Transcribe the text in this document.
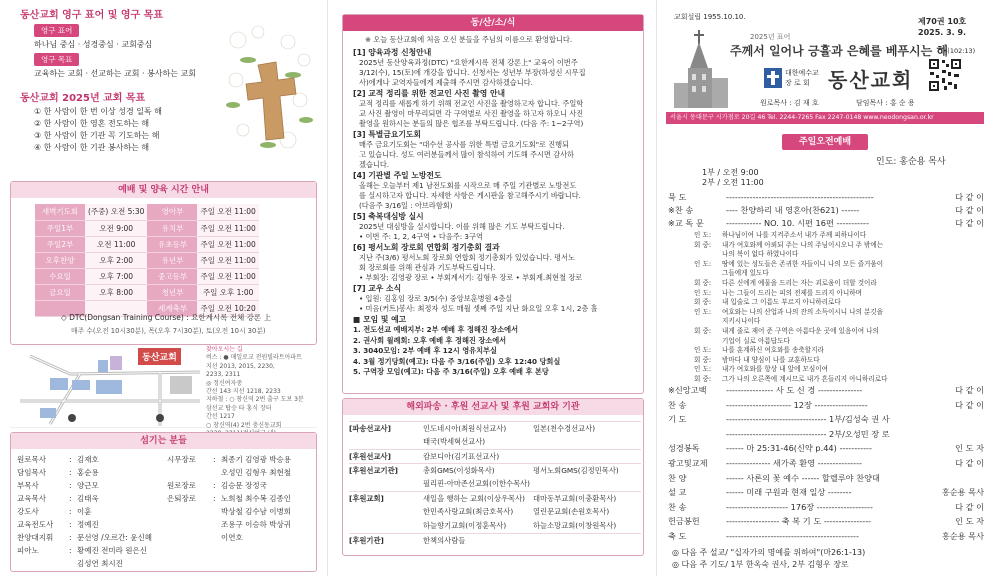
동산교회 영구 표어 및 영구 목표
영구 표어
하나님 중심 · 성경중심 · 교회중심
영구 목표
교육하는 교회 · 선교하는 교회 · 봉사하는 교회
동산교회 2025년 교회 목표
① 한 사람이 한 번 이상 성경 일독 해
② 한 사람이 한 영혼 전도하는 해
③ 한 사람이 한 기관 꼭 기도하는 해
④ 한 사람이 한 기관 봉사하는 해
예배 및 양육 시간 안내
새벽기도회	(주중) 오전 5:30	영아부	주일 오전 11:00
주일1부	오전 9:00	유치부	주일 오전 11:00
주일2부	오전 11:00	유초등부	주일 오전 11:00
오후찬양	오후 2:00	유년부	주일 오전 11:00
수요일	오후 7:00	중고등부	주일 오전 11:00
금요일	오후 8:00	청년부	주일 오후 1:00
		세계축부	주일 오전 10:20
◇ DTC(Dongsan Training Course) : 요한계시록 전체 강론 上
매주 수(오전 10시30분), 목(오후 7시30분), 토(오전 10시 30분)
동산교회
찾아오시는 길
버스 : ● 매일로교 전원빌라트아파트
지선 2013, 2015, 2230,
2233, 2311
◎ 정신여자중
간선 143 지선 1218, 2233
지하철 : ○ 창신역 2번 출구 도보 3분
삼선교 탑승 타 홍식 장터
간선 1217
○ 창신역(4) 2번 충신동교회
섬기는 분들
원로목사	: 김재호
담임목사	: 홍순용
부목사	: 양근모
교육목사	: 김태욱
강도사	: 이훈
교육전도사 : 정예진
찬양대지휘 : 문선영 /오르간: 윤신혜
피아노	: 황예진 전미라 원은신
김성연 최시진
시무장로 : 최종기 김영광 박승용
오성민 김형우 최현철
원로장로 : 김승문 장정국
은퇴장로 : 노희철 최수복 김종인
박상철 김수남 이병희
조용구 이승하 박상귀
이연호
동/산/소/식
※ 오늘 동산교회에 처음 오신 분들을 주님의 이름으로 환영합니다.
[1] 양육과정 신청안내
2025년 동산양육과정(DTC) "요한계시록 전체 강론上" 교육이 이번주
3/12(수), 15(토)에 개강을 합니다. 신청서는 성년부 부장(하성신 시무집
사)에게나 교역자들에게 제출해 주시면 감사하겠습니다.
[2] 교적 정리를 위한 전교인 사진 촬영 안내
교적 정리를 새롭게 하기 위해 전교인 사진을 촬영하고자 합니다. 주일학
교 사진 촬영이 마무리되면 각 구역별로 사진 촬영을 하고자 하오니 사진
촬영을 원하시는 분들의 많은 협조를 부탁드립니다. (다음 주: 1~2구역)
[3] 특별금요기도회
매주 금요기도회는 "대수선 공사를 위한 특별 금요기도회"로 진행되
고 있습니다. 성도 여러분들께서 많이 참석하여 기도해 주시면 감사하
겠습니다.
[4] 기관별 주일 노방전도
올해는 오늘부터 제1 남전도회를 시작으로 매 주일 기관별로 노방전도
를 실시하고자 합니다. 자세한 사항은 게시판을 참고해주시기 바랍니다.
(다음주 3/16일 : 아브라함회)
[5] 축복대심방 실시
2025년 대심방을 실시합니다. 이를 위해 많은 기도 부탁드립니다.
• 이번 주: 1, 2, 4구역 • 다음주: 3구역
[6] 평서노회 장로회 연합회 정기총회 결과
지난 주(3/6) 평서노회 장로회 연합회 정기총회가 있었습니다. 평서노
회 장로회를 위해 관심과 기도부탁드립니다.
• 부회장: 김영광 장로 • 부회계서기: 김형우 장로 • 부회계.최현철 장로
[7] 교우 소식
• 입원: 김홍임 장로 3/5(수) 중앙보훈병원 4층실
• 미음(커트)봉사: 최정자 성도 매월 셋째 주일 지난 화요일 오후 1시, 2층 홀
■ 모임 및 예고
1. 전도선교 예배지부: 2부 예배 후 정해진 장소에서
2. 권사회 월례회: 오후 예배 후 정해진 장소에서
3. 3040모임: 2부 예배 후 12시 영유치부실
4. 3월 정기당회(예고): 다음 주 3/16(주일) 오후 12:40 당회실
5. 구역장 모임(예고): 다음 주 3/16(주일) 오후 예배 후 본당
해외파송 · 후원 선교사 및 후원 교회와 기관
[파송선교사]	인도네시아(최원식선교사)	일본(천수경선교사)
태국(박세혁선교사)
[후원선교사]	캄보디아(김기표선교사)
[후원선교기관]	총회GMS(이성화목사)	평서노회GMS(김정민목사)
필리핀-아마존선교회(이한수목사)
[후원교회]	새일을 행하는 교회(이상우목사) 대마동부교회(이충환목사)
한민족사랑교회(최금호목사)	열린문교회(손원호목사)
하늘향기교회(이정훈목사)	하늘소망교회(이창원목사)
[후원기관]	한책의사람들
교회설립 1955.10.10.	제70권 10호
2025. 3. 9.
2025년 표어
주께서 일어나 긍휼과 은혜를 베푸시는 해
(시102:13)
대한예수교
장 로 회 동산교회
원로목사 : 김 재 호	담임목사 : 홍 순 용
서울시 동대문구 시가점로 20길 46 Tel. 2244-7265 Fax 2247-0148 www.neodongsan.or.kr
주일오전예배
인도: 홍순용 목사
1부 / 오전 9:00
2부 / 오전 11:00
묵 도	--------------------------------------------------	다 같 이
※찬 송	---- 찬양하리 내 영혼아(찬621) ------	다 같 이
※교 독 문	------------ NO. 10. 시편 16편 -----------	다 같 이
인 도: 하나님이여 나를 지켜주소서 내가 주께 피하나이다
회 중: 내가 여호와께 아뢰되 주는 나의 주님이시오니 주 밖에는
나의 복이 없다 하였나이다
인 도: 땅에 있는 성도들은 존귀한 자들이니 나의 모든 즐거움이
그들에게 있도다
회 중: 다른 신에게 예물을 드리는 자는 괴로움이 더할 것이라
인 도: 나는 그들이 드리는 피의 전제를 드리지 아니하며
회 중: 내 입술로 그 이름도 부르지 아니하리로다
인 도: 여호와는 나의 산업과 나의 잔의 소득이시니 나의 분깃을
지키시나이다
회 중: 내게 줄로 재어 준 구역은 아름다운 곳에 있음이여 나의
기업이 실로 아름답도다
인 도: 나를 훈계하신 여호와를 송축할지라
회 중: 밤마다 내 양심이 나를 교훈하도다
인 도: 내가 여호와를 항상 내 앞에 모심이여
회 중: 그가 나의 오른쪽에 계시므로 내가 흔들리지 아니하리로다
※신앙고백 ---------------- 사 도 신 경 ---------------	다 같 이
찬 송	---------------------- 12장 ------------------	다 같 이
기 도	---------------------------------- 1부/김성숙 권 사
---------------------------------- 2부/오성민 장 로
성경봉독	------ 마 25:31-46(신약 p.44) -----------	인 도 자
광고및교제 --------------- 새가족 환영 ---------------	다 같 이
찬 양	------ 사론의 꽃 예수 ------ 할렐루야 찬양대
설 교	------ 미래 구원과 현재 일상 --------	홍순용 목사
찬 송	--------------------- 176장 -------------------	다 같 이
헌금봉헌	------------------ 축 복 기 도 ----------------	인 도 자
축 도	---------------------------------------------	홍순용 목사
◎ 다음 주 설교/ "십자가의 명예를 위하여"(마26:1-13)
◎ 다음 주 기도/ 1부 한옥숙 권사, 2부 김형우 장로
